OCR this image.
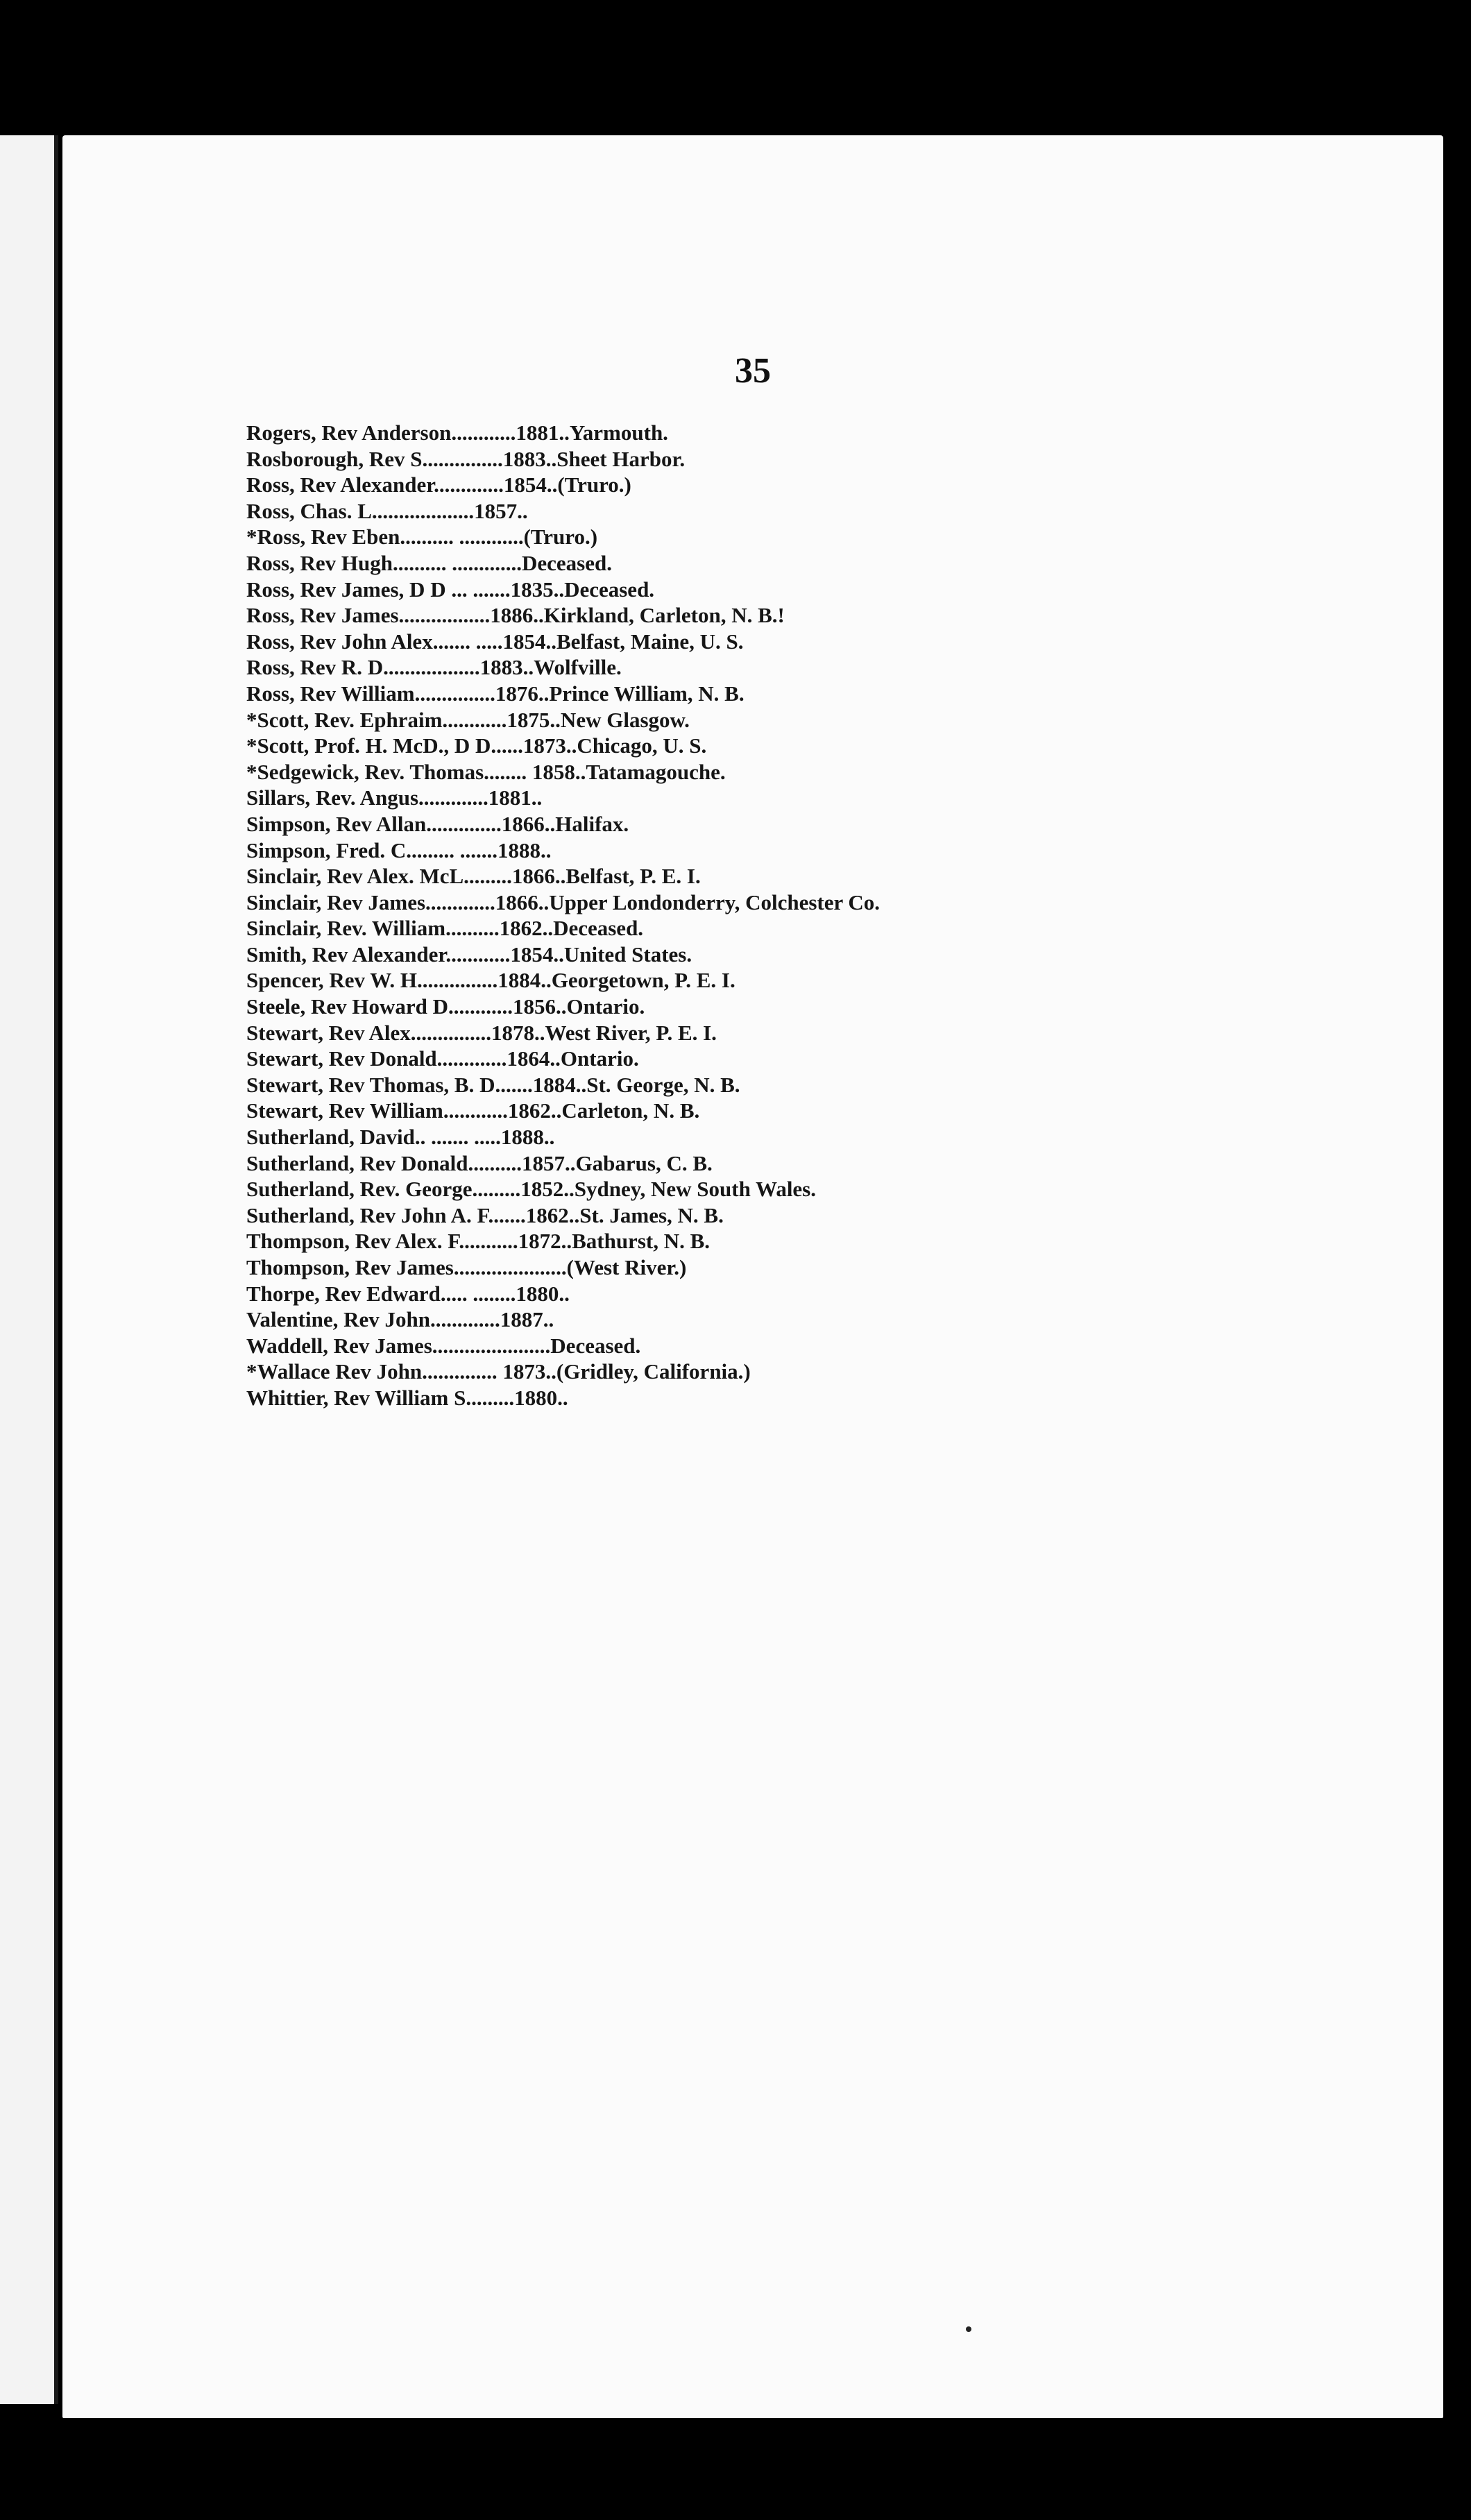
35

Rogers, Rev Anderson............1881..Yarmouth.
Rosborough, Rev S...............1883..Sheet Harbor.
Ross, Rev Alexander.............1854..(Truro.)
Ross, Chas. L...................1857..
*Ross, Rev Eben.......... ............(Truro.)
Ross, Rev Hugh.......... .............Deceased.
Ross, Rev James, D D ... .......1835..Deceased.
Ross, Rev James.................1886..Kirkland, Carleton, N. B.!
Ross, Rev John Alex....... .....1854..Belfast, Maine, U. S.
Ross, Rev R. D..................1883..Wolfville.
Ross, Rev William...............1876..Prince William, N. B.
*Scott, Rev. Ephraim............1875..New Glasgow.
*Scott, Prof. H. McD., D D......1873..Chicago, U. S.
*Sedgewick, Rev. Thomas........ 1858..Tatamagouche.
Sillars, Rev. Angus.............1881..
Simpson, Rev Allan..............1866..Halifax.
Simpson, Fred. C......... .......1888..
Sinclair, Rev Alex. McL.........1866..Belfast, P. E. I.
Sinclair, Rev James.............1866..Upper Londonderry, Colchester Co.
Sinclair, Rev. William..........1862..Deceased.
Smith, Rev Alexander............1854..United States.
Spencer, Rev W. H...............1884..Georgetown, P. E. I.
Steele, Rev Howard D............1856..Ontario.
Stewart, Rev Alex...............1878..West River, P. E. I.
Stewart, Rev Donald.............1864..Ontario.
Stewart, Rev Thomas, B. D.......1884..St. George, N. B.
Stewart, Rev William............1862..Carleton, N. B.
Sutherland, David.. ....... .....1888..
Sutherland, Rev Donald..........1857..Gabarus, C. B.
Sutherland, Rev. George.........1852..Sydney, New South Wales.
Sutherland, Rev John A. F.......1862..St. James, N. B.
Thompson, Rev Alex. F...........1872..Bathurst, N. B.
Thompson, Rev James.....................(West River.)
Thorpe, Rev Edward..... ........1880..
Valentine, Rev John.............1887..
Waddell, Rev James......................Deceased.
*Wallace Rev John.............. 1873..(Gridley, California.)
Whittier, Rev William S.........1880..
